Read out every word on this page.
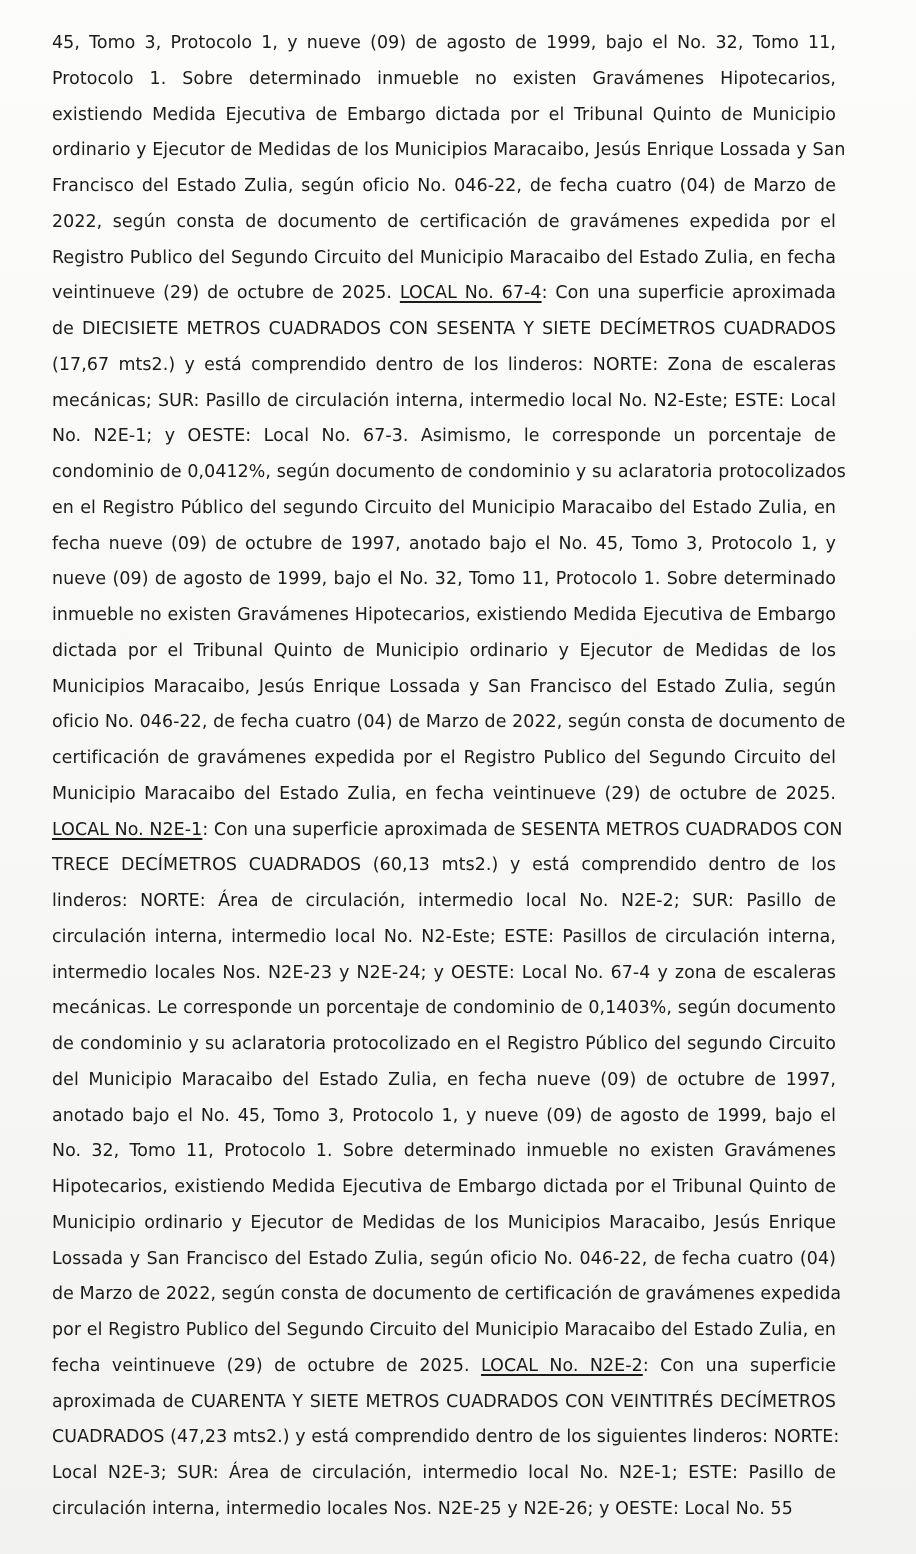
45, Tomo 3, Protocolo 1, y nueve (09) de agosto de 1999, bajo el No. 32, Tomo 11,
Protocolo 1. Sobre determinado inmueble no existen Gravámenes Hipotecarios,
existiendo Medida Ejecutiva de Embargo dictada por el Tribunal Quinto de Municipio
ordinario y Ejecutor de Medidas de los Municipios Maracaibo, Jesús Enrique Lossada y San
Francisco del Estado Zulia, según oficio No. 046-22, de fecha cuatro (04) de Marzo de
2022, según consta de documento de certificación de gravámenes expedida por el
Registro Publico del Segundo Circuito del Municipio Maracaibo del Estado Zulia, en fecha
veintinueve (29) de octubre de 2025. LOCAL No. 67-4: Con una superficie aproximada
de DIECISIETE METROS CUADRADOS CON SESENTA Y SIETE DECÍMETROS CUADRADOS
(17,67 mts2.) y está comprendido dentro de los linderos: NORTE: Zona de escaleras
mecánicas; SUR: Pasillo de circulación interna, intermedio local No. N2-Este; ESTE: Local
No. N2E-1; y OESTE: Local No. 67-3. Asimismo, le corresponde un porcentaje de
condominio de 0,0412%, según documento de condominio y su aclaratoria protocolizados
en el Registro Público del segundo Circuito del Municipio Maracaibo del Estado Zulia, en
fecha nueve (09) de octubre de 1997, anotado bajo el No. 45, Tomo 3, Protocolo 1, y
nueve (09) de agosto de 1999, bajo el No. 32, Tomo 11, Protocolo 1. Sobre determinado
inmueble no existen Gravámenes Hipotecarios, existiendo Medida Ejecutiva de Embargo
dictada por el Tribunal Quinto de Municipio ordinario y Ejecutor de Medidas de los
Municipios Maracaibo, Jesús Enrique Lossada y San Francisco del Estado Zulia, según
oficio No. 046-22, de fecha cuatro (04) de Marzo de 2022, según consta de documento de
certificación de gravámenes expedida por el Registro Publico del Segundo Circuito del
Municipio Maracaibo del Estado Zulia, en fecha veintinueve (29) de octubre de 2025.
LOCAL No. N2E-1: Con una superficie aproximada de SESENTA METROS CUADRADOS CON
TRECE DECÍMETROS CUADRADOS (60,13 mts2.) y está comprendido dentro de los
linderos: NORTE: Área de circulación, intermedio local No. N2E-2; SUR: Pasillo de
circulación interna, intermedio local No. N2-Este; ESTE: Pasillos de circulación interna,
intermedio locales Nos. N2E-23 y N2E-24; y OESTE: Local No. 67-4 y zona de escaleras
mecánicas. Le corresponde un porcentaje de condominio de 0,1403%, según documento
de condominio y su aclaratoria protocolizado en el Registro Público del segundo Circuito
del Municipio Maracaibo del Estado Zulia, en fecha nueve (09) de octubre de 1997,
anotado bajo el No. 45, Tomo 3, Protocolo 1, y nueve (09) de agosto de 1999, bajo el
No. 32, Tomo 11, Protocolo 1. Sobre determinado inmueble no existen Gravámenes
Hipotecarios, existiendo Medida Ejecutiva de Embargo dictada por el Tribunal Quinto de
Municipio ordinario y Ejecutor de Medidas de los Municipios Maracaibo, Jesús Enrique
Lossada y San Francisco del Estado Zulia, según oficio No. 046-22, de fecha cuatro (04)
de Marzo de 2022, según consta de documento de certificación de gravámenes expedida
por el Registro Publico del Segundo Circuito del Municipio Maracaibo del Estado Zulia, en
fecha veintinueve (29) de octubre de 2025. LOCAL No. N2E-2: Con una superficie
aproximada de CUARENTA Y SIETE METROS CUADRADOS CON VEINTITRÉS DECÍMETROS
CUADRADOS (47,23 mts2.) y está comprendido dentro de los siguientes linderos: NORTE:
Local N2E-3; SUR: Área de circulación, intermedio local No. N2E-1; ESTE: Pasillo de
circulación interna, intermedio locales Nos. N2E-25 y N2E-26; y OESTE: Local No. 55
